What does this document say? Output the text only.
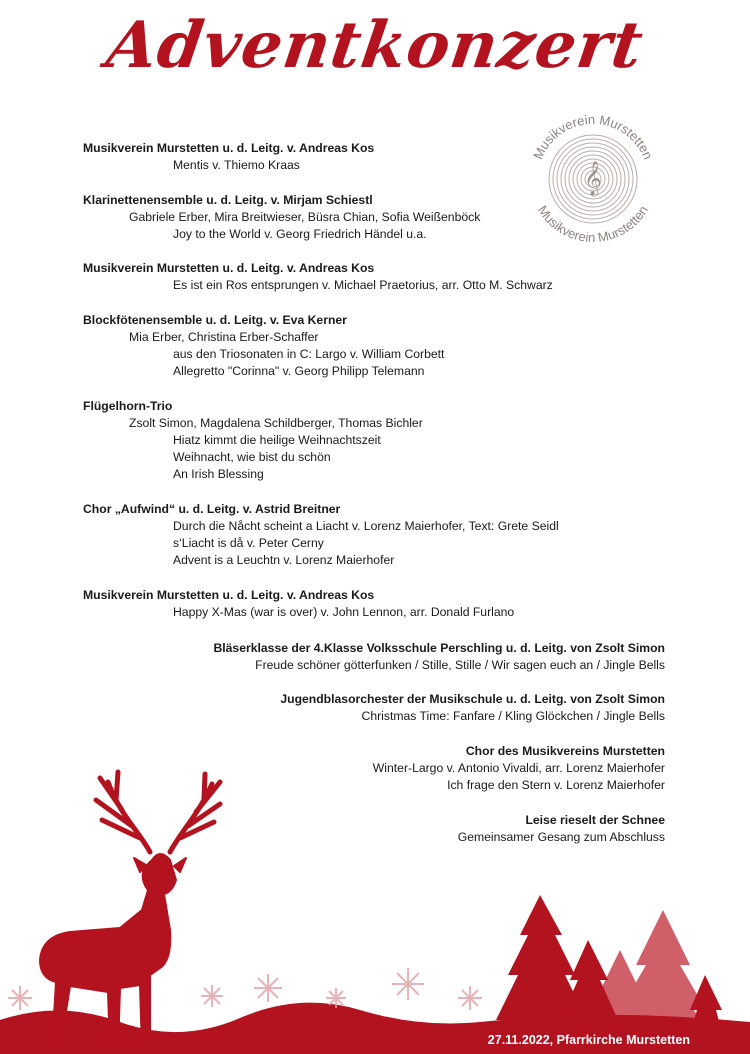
Adventkonzert
𝄞
Musikverein Murstetten
Musikverein Murstetten
Musikverein Murstetten u. d. Leitg. v. Andreas Kos
Mentis v. Thiemo Kraas
Klarinettenensemble u. d. Leitg. v. Mirjam Schiestl
Gabriele Erber, Mira Breitwieser, Büsra Chian, Sofia Weißenböck
Joy to the World v. Georg Friedrich Händel u.a.
Musikverein Murstetten u. d. Leitg. v. Andreas Kos
Es ist ein Ros entsprungen v. Michael Praetorius, arr. Otto M. Schwarz
Blockfötenensemble u. d. Leitg. v. Eva Kerner
Mia Erber, Christina Erber-Schaffer
aus den Triosonaten in C: Largo v. William Corbett
Allegretto "Corinna" v. Georg Philipp Telemann
Flügelhorn-Trio
Zsolt Simon, Magdalena Schildberger, Thomas Bichler
Hiatz kimmt die heilige Weihnachtszeit
Weihnacht, wie bist du schön
An Irish Blessing
Chor „Aufwind“ u. d. Leitg. v. Astrid Breitner
Durch die Nåcht scheint a Liacht v. Lorenz Maierhofer, Text: Grete Seidl
s‘Liacht is då v. Peter Cerny
Advent is a Leuchtn v. Lorenz Maierhofer
Musikverein Murstetten u. d. Leitg. v. Andreas Kos
Happy X-Mas (war is over) v. John Lennon, arr. Donald Furlano
Bläserklasse der 4.Klasse Volksschule Perschling u. d. Leitg. von Zsolt Simon
Freude schöner götterfunken / Stille, Stille / Wir sagen euch an / Jingle Bells
Jugendblasorchester der Musikschule u. d. Leitg. von Zsolt Simon
Christmas Time: Fanfare / Kling Glöckchen / Jingle Bells
Chor des Musikvereins Murstetten
Winter-Largo v. Antonio Vivaldi, arr. Lorenz Maierhofer
Ich frage den Stern v. Lorenz Maierhofer
Leise rieselt der Schnee
Gemeinsamer Gesang zum Abschluss
27.11.2022, Pfarrkirche Murstetten
